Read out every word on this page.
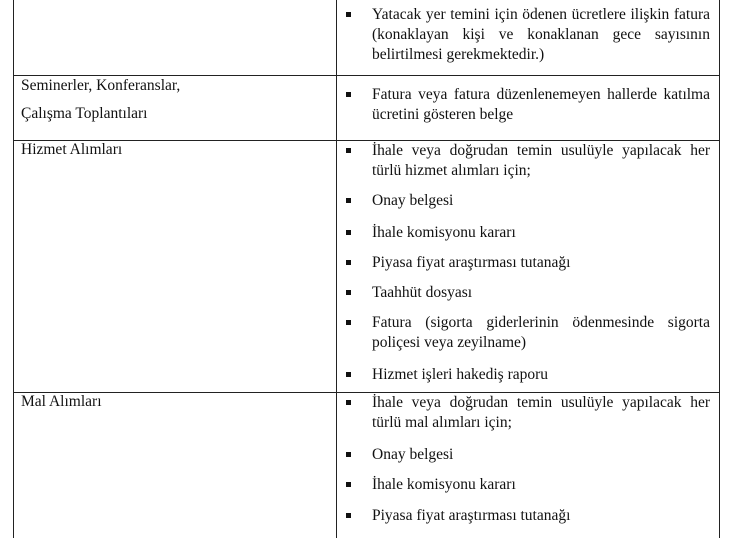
Yatacak yer temini için ödenen ücretlere ilişkin fatura (konaklayan kişi ve konaklanan gece sayısının belirtilmesi gerekmektedir.)
Seminerler, Konferanslar,
Çalışma Toplantıları
Fatura veya fatura düzenlenemeyen hallerde katılma ücretini gösteren belge
Hizmet Alımları	İhale veya doğrudan temin usulüyle yapılacak her türlü hizmet alımları için;
Onay belgesi
İhale komisyonu kararı
Piyasa fiyat araştırması tutanağı
Taahhüt dosyası
Fatura (sigorta giderlerinin ödenmesinde sigorta poliçesi veya zeyilname)
Hizmet işleri hakediş raporu
Mal Alımları	İhale veya doğrudan temin usulüyle yapılacak her türlü mal alımları için;
Onay belgesi
İhale komisyonu kararı
Piyasa fiyat araştırması tutanağı
